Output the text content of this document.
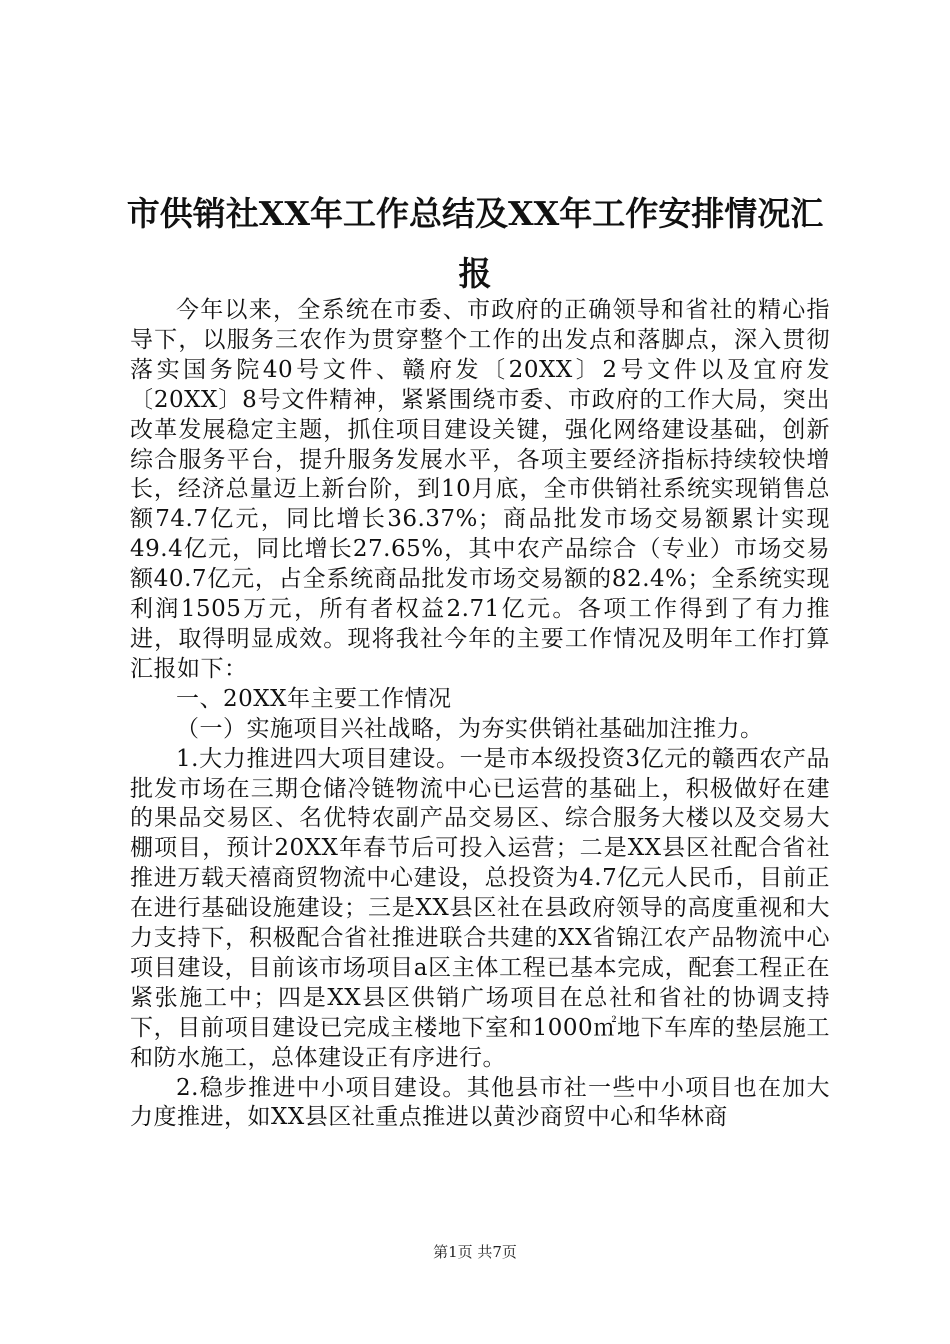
市供销社XX年工作总结及XX年工作安排情况汇报

今年以来，全系统在市委、市政府的正确领导和省社的精心指导下，以服务三农作为贯穿整个工作的出发点和落脚点，深入贯彻落实国务院40号文件、赣府发〔20XX〕2号文件以及宜府发〔20XX〕8号文件精神，紧紧围绕市委、市政府的工作大局，突出改革发展稳定主题，抓住项目建设关键，强化网络建设基础，创新综合服务平台，提升服务发展水平，各项主要经济指标持续较快增长，经济总量迈上新台阶，到10月底，全市供销社系统实现销售总额74.7亿元，同比增长36.37%；商品批发市场交易额累计实现49.4亿元，同比增长27.65%，其中农产品综合（专业）市场交易额40.7亿元，占全系统商品批发市场交易额的82.4%；全系统实现利润1505万元，所有者权益2.71亿元。各项工作得到了有力推进，取得明显成效。现将我社今年的主要工作情况及明年工作打算汇报如下：

一、20XX年主要工作情况

（一）实施项目兴社战略，为夯实供销社基础加注推力。

1.大力推进四大项目建设。一是市本级投资3亿元的赣西农产品批发市场在三期仓储冷链物流中心已运营的基础上，积极做好在建的果品交易区、名优特农副产品交易区、综合服务大楼以及交易大棚项目，预计20XX年春节后可投入运营；二是XX县区社配合省社推进万载天禧商贸物流中心建设，总投资为4.7亿元人民币，目前正在进行基础设施建设；三是XX县区社在县政府领导的高度重视和大力支持下，积极配合省社推进联合共建的XX省锦江农产品物流中心项目建设，目前该市场项目a区主体工程已基本完成，配套工程正在紧张施工中；四是XX县区供销广场项目在总社和省社的协调支持下，目前项目建设已完成主楼地下室和1000㎡地下车库的垫层施工和防水施工，总体建设正有序进行。

2.稳步推进中小项目建设。其他县市社一些中小项目也在加大力度推进，如XX县区社重点推进以黄沙商贸中心和华林商

第1页 共7页
